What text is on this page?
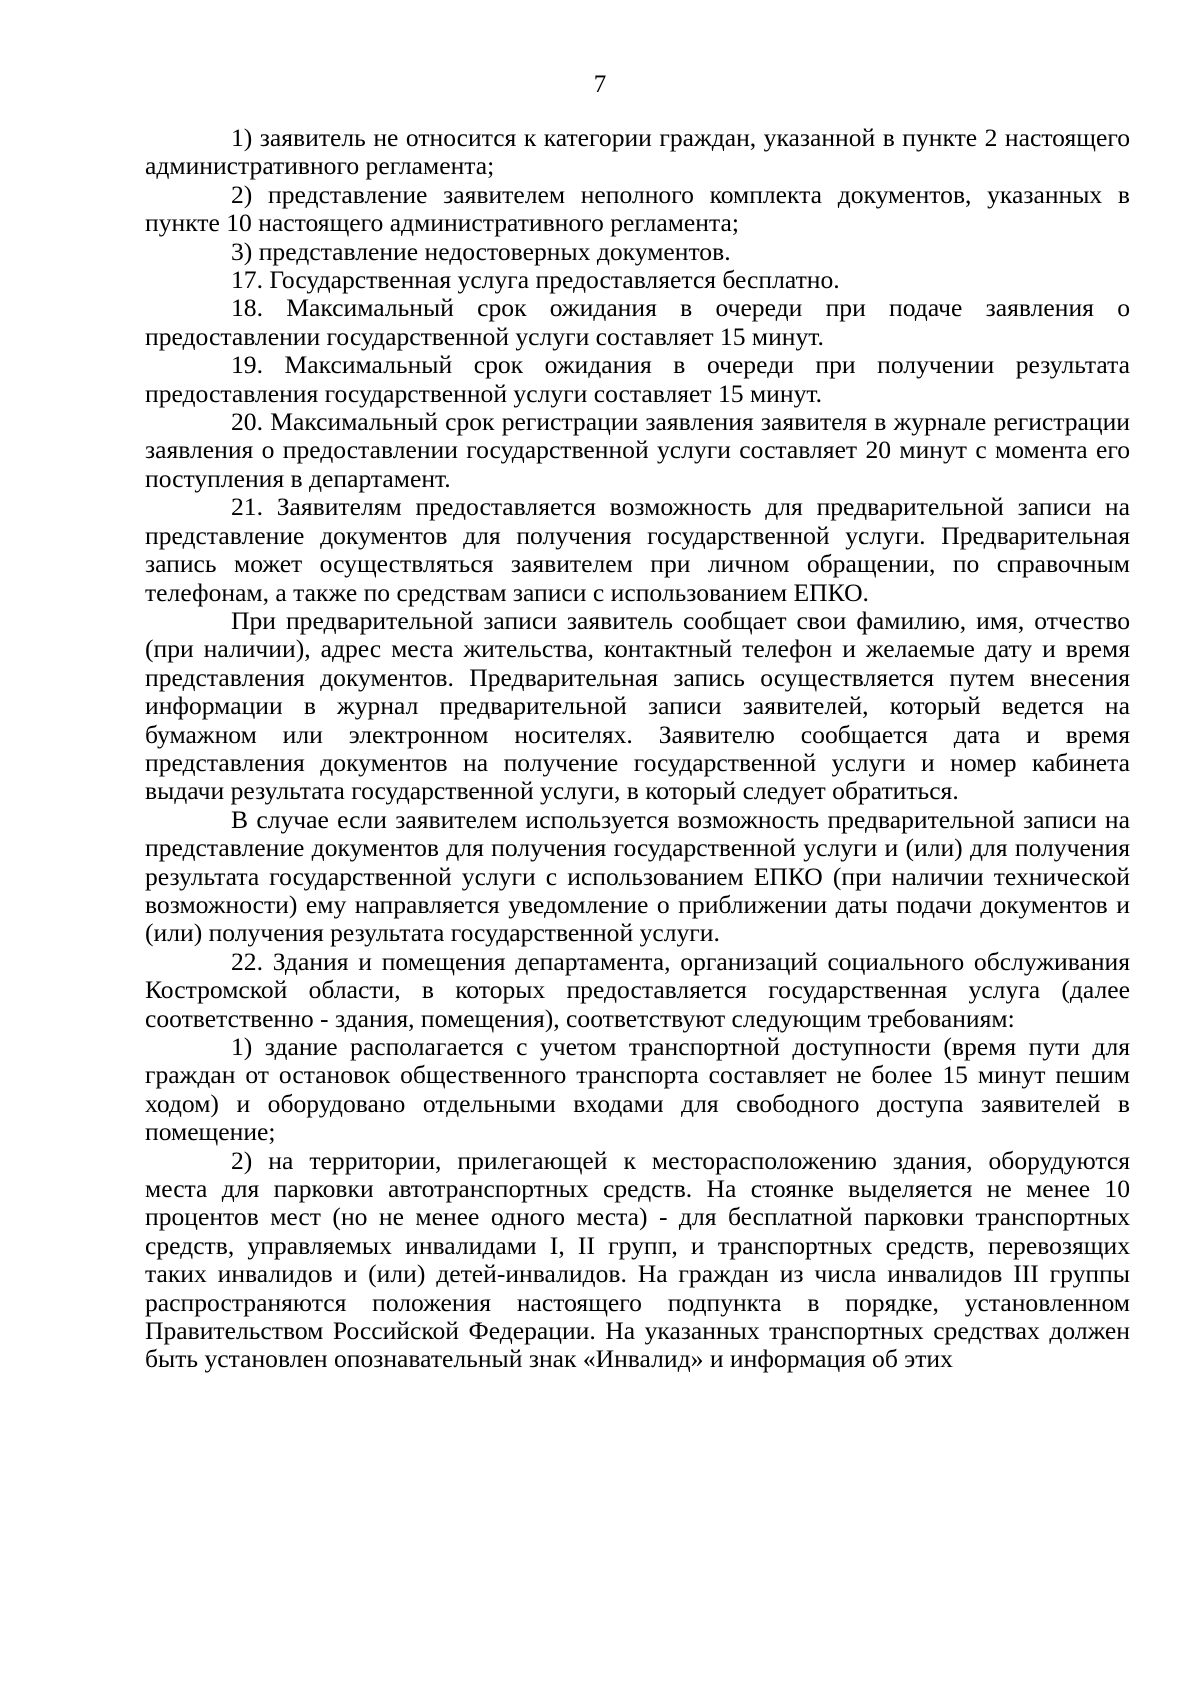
7

1) заявитель не относится к категории граждан, указанной в пункте 2 настоящего административного регламента;

2) представление заявителем неполного комплекта документов, указанных в пункте 10 настоящего административного регламента;

3) представление недостоверных документов.

17. Государственная услуга предоставляется бесплатно.

18. Максимальный срок ожидания в очереди при подаче заявления о предоставлении государственной услуги составляет 15 минут.

19. Максимальный срок ожидания в очереди при получении результата предоставления государственной услуги составляет 15 минут.

20. Максимальный срок регистрации заявления заявителя в журнале регистрации заявления о предоставлении государственной услуги составляет 20 минут с момента его поступления в департамент.

21. Заявителям предоставляется возможность для предварительной записи на представление документов для получения государственной услуги. Предварительная запись может осуществляться заявителем при личном обращении, по справочным телефонам, а также по средствам записи с использованием ЕПКО.

При предварительной записи заявитель сообщает свои фамилию, имя, отчество (при наличии), адрес места жительства, контактный телефон и желаемые дату и время представления документов. Предварительная запись осуществляется путем внесения информации в журнал предварительной записи заявителей, который ведется на бумажном или электронном носителях. Заявителю сообщается дата и время представления документов на получение государственной услуги и номер кабинета выдачи результата государственной услуги, в который следует обратиться.

В случае если заявителем используется возможность предварительной записи на представление документов для получения государственной услуги и (или) для получения результата государственной услуги с использованием ЕПКО (при наличии технической возможности) ему направляется уведомление о приближении даты подачи документов и (или) получения результата государственной услуги.

22. Здания и помещения департамента, организаций социального обслуживания Костромской области, в которых предоставляется государственная услуга (далее соответственно - здания, помещения), соответствуют следующим требованиям:

1) здание располагается с учетом транспортной доступности (время пути для граждан от остановок общественного транспорта составляет не более 15 минут пешим ходом) и оборудовано отдельными входами для свободного доступа заявителей в помещение;

2) на территории, прилегающей к месторасположению здания, оборудуются места для парковки автотранспортных средств. На стоянке выделяется не менее 10 процентов мест (но не менее одного места) - для бесплатной парковки транспортных средств, управляемых инвалидами I, II групп, и транспортных средств, перевозящих таких инвалидов и (или) детей-инвалидов. На граждан из числа инвалидов III группы распространяются положения настоящего подпункта в порядке, установленном Правительством Российской Федерации. На указанных транспортных средствах должен быть установлен опознавательный знак «Инвалид» и информация об этих
